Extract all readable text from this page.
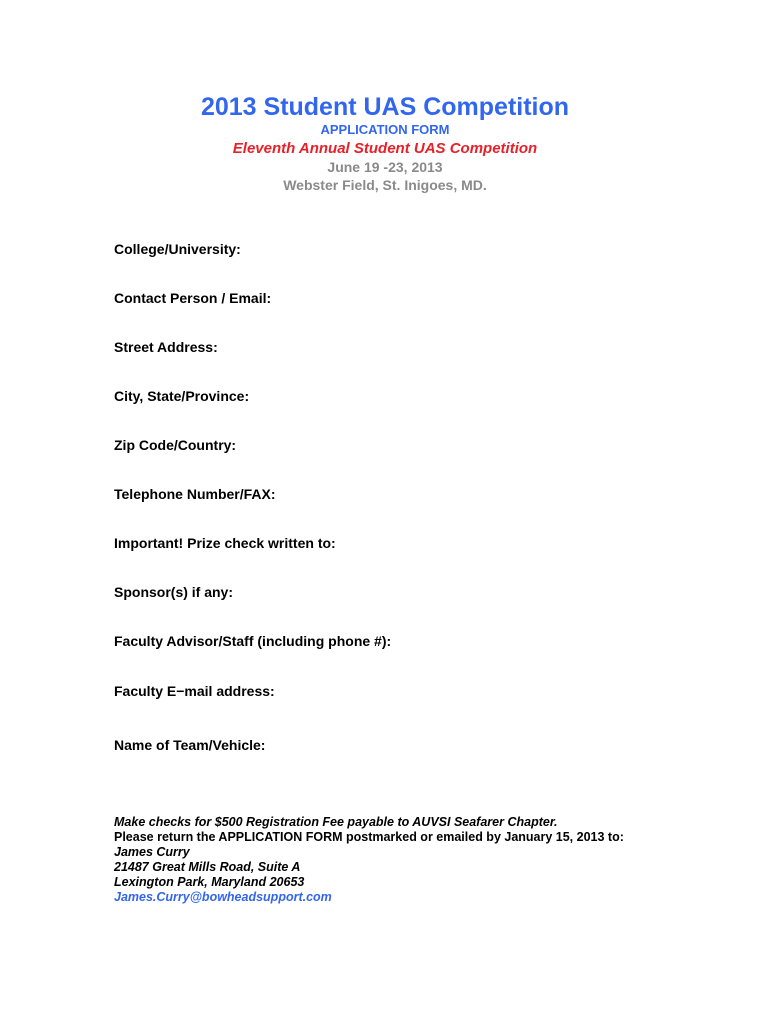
2013 Student UAS Competition

APPLICATION FORM

Eleventh Annual Student UAS Competition

June 19 -23, 2013

Webster Field, St. Inigoes, MD.

College/University:
Contact Person / Email:
Street Address:
City, State/Province:
Zip Code/Country:
Telephone Number/FAX:
Important! Prize check written to:
Sponsor(s) if any:
Faculty Advisor/Staff (including phone #):
Faculty E−mail address:
Name of Team/Vehicle:
Make checks for $500 Registration Fee payable to AUVSI Seafarer Chapter.
Please return the APPLICATION FORM postmarked or emailed by January 15, 2013 to:
James Curry
21487 Great Mills Road, Suite A
Lexington Park, Maryland 20653
James.Curry@bowheadsupport.com
